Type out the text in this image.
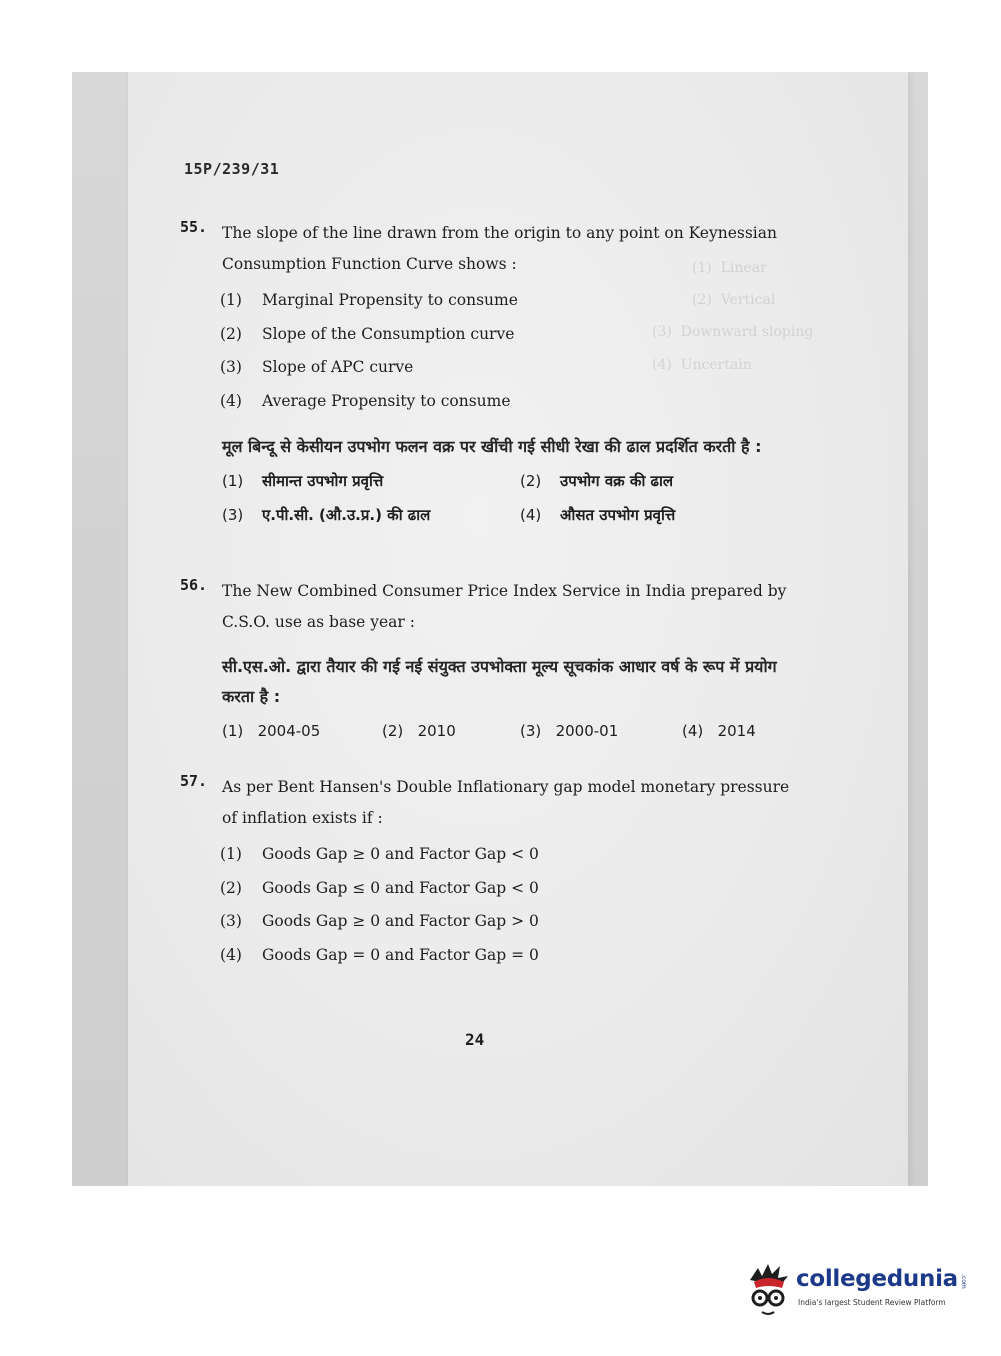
(1)  Linear
(2)  Vertical
(3)  Downward sloping
(4)  Uncertain
15P/239/31
55. The slope of the line drawn from the origin to any point on Keynessian Consumption Function Curve shows :
(1) Marginal Propensity to consume
(2) Slope of the Consumption curve
(3) Slope of APC curve
(4) Average Propensity to consume
मूल बिन्दू से केसीयन उपभोग फलन वक्र पर खींची गई सीधी रेखा की ढाल प्रदर्शित करती है :
(1) सीमान्त उपभोग प्रवृत्ति	(2) उपभोग वक्र की ढाल
(3) ए.पी.सी. (औ.उ.प्र.) की ढाल	(4) औसत उपभोग प्रवृत्ति
56. The New Combined Consumer Price Index Service in India prepared by C.S.O. use as base year :
सी.एस.ओ. द्वारा तैयार की गई नई संयुक्त उपभोक्ता मूल्य सूचकांक आधार वर्ष के रूप में प्रयोग करता है :
(1) 2004-05	(2) 2010	(3) 2000-01	(4) 2014
57. As per Bent Hansen's Double Inflationary gap model monetary pressure of inflation exists if :
(1) Goods Gap ≥ 0 and Factor Gap < 0
(2) Goods Gap ≤ 0 and Factor Gap < 0
(3) Goods Gap ≥ 0 and Factor Gap > 0
(4) Goods Gap = 0 and Factor Gap = 0
24
collegedunia .com
India's largest Student Review Platform
